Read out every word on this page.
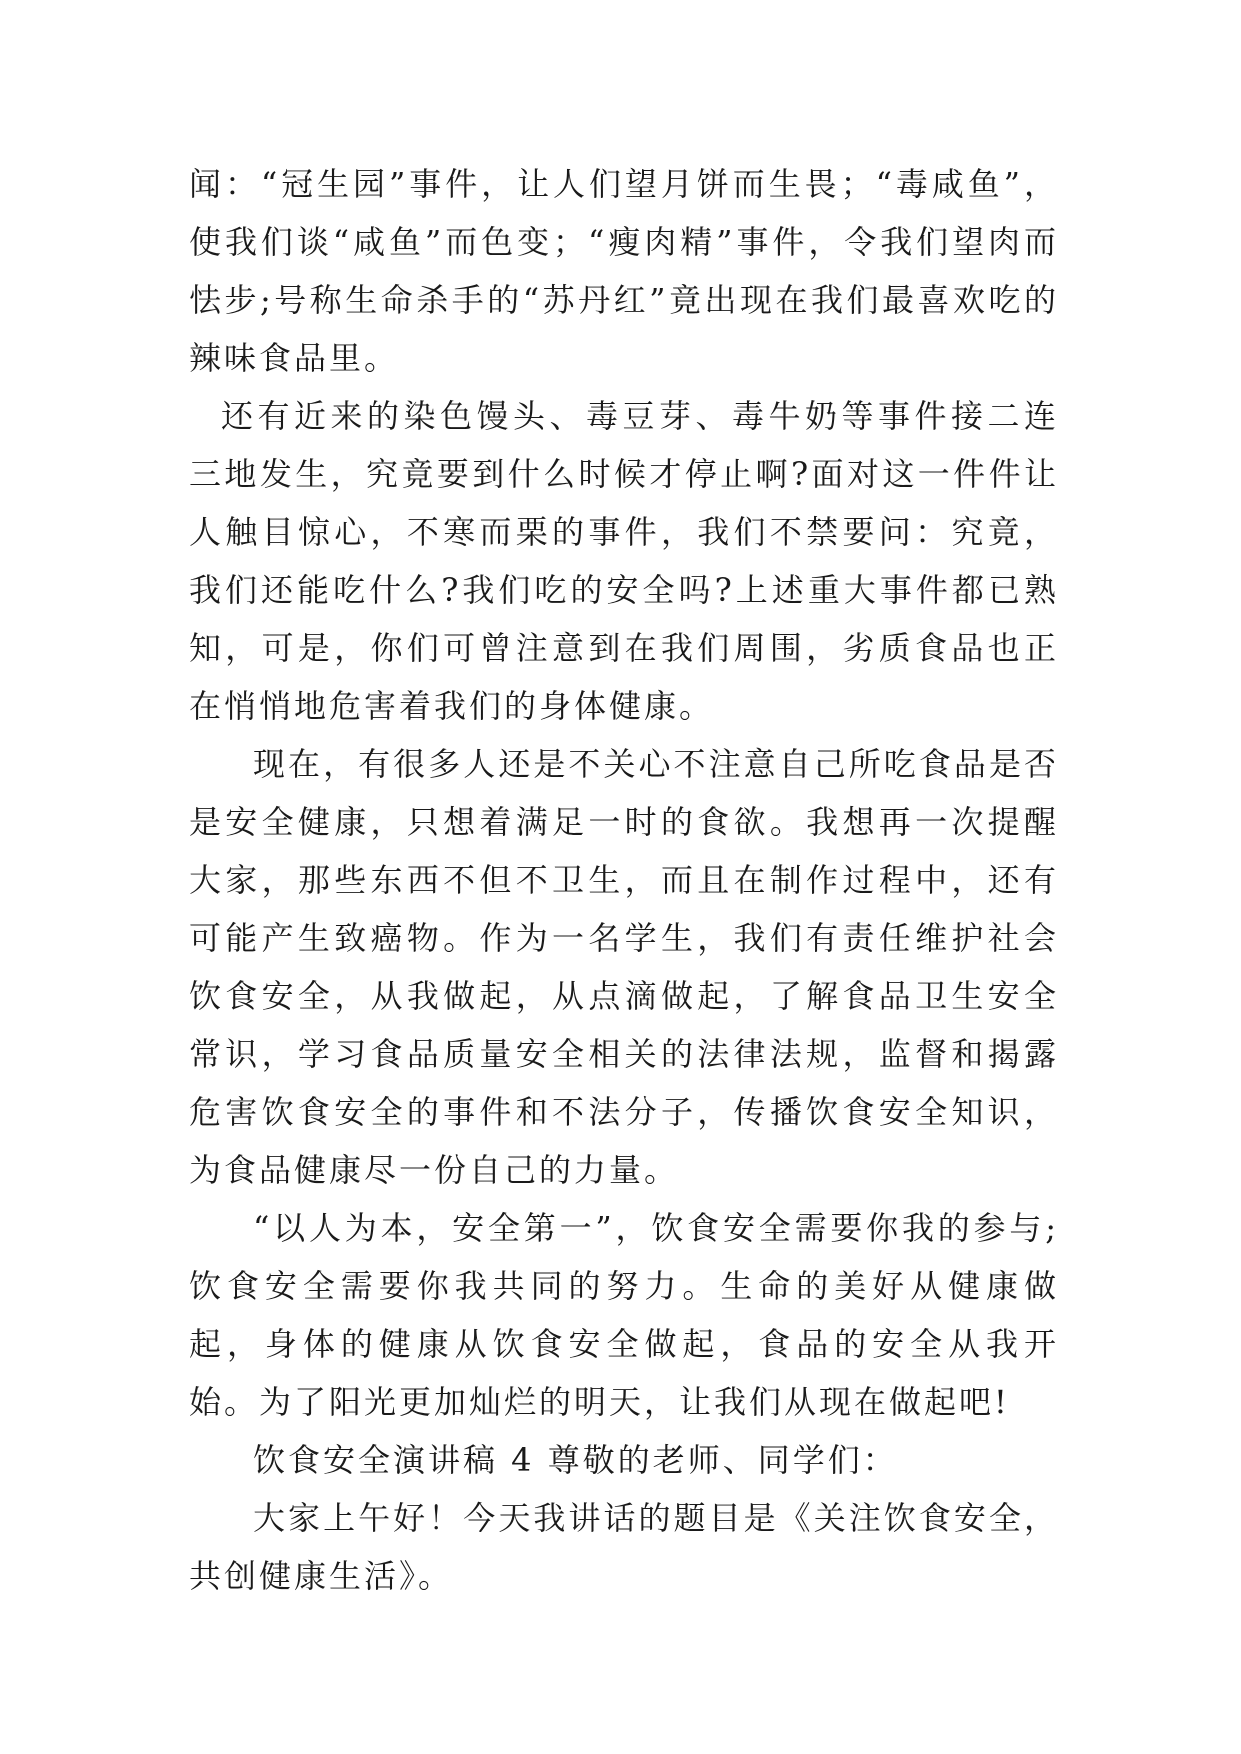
闻：“冠生园”事件，让人们望月饼而生畏；“毒咸鱼”，使我们谈“咸鱼”而色变；“瘦肉精”事件，令我们望肉而怯步;号称生命杀手的“苏丹红”竟出现在我们最喜欢吃的辣味食品里。

还有近来的染色馒头、毒豆芽、毒牛奶等事件接二连三地发生，究竟要到什么时候才停止啊?面对这一件件让人触目惊心，不寒而栗的事件，我们不禁要问：究竟，我们还能吃什么?我们吃的安全吗?上述重大事件都已熟知，可是，你们可曾注意到在我们周围，劣质食品也正在悄悄地危害着我们的身体健康。

现在，有很多人还是不关心不注意自己所吃食品是否是安全健康，只想着满足一时的食欲。我想再一次提醒大家，那些东西不但不卫生，而且在制作过程中，还有可能产生致癌物。作为一名学生，我们有责任维护社会饮食安全，从我做起，从点滴做起，了解食品卫生安全常识，学习食品质量安全相关的法律法规，监督和揭露危害饮食安全的事件和不法分子，传播饮食安全知识，为食品健康尽一份自己的力量。

“以人为本，安全第一”，饮食安全需要你我的参与;饮食安全需要你我共同的努力。生命的美好从健康做起，身体的健康从饮食安全做起，食品的安全从我开始。为了阳光更加灿烂的明天，让我们从现在做起吧!

饮食安全演讲稿 4 尊敬的老师、同学们：

大家上午好！今天我讲话的题目是《关注饮食安全，共创健康生活》。
